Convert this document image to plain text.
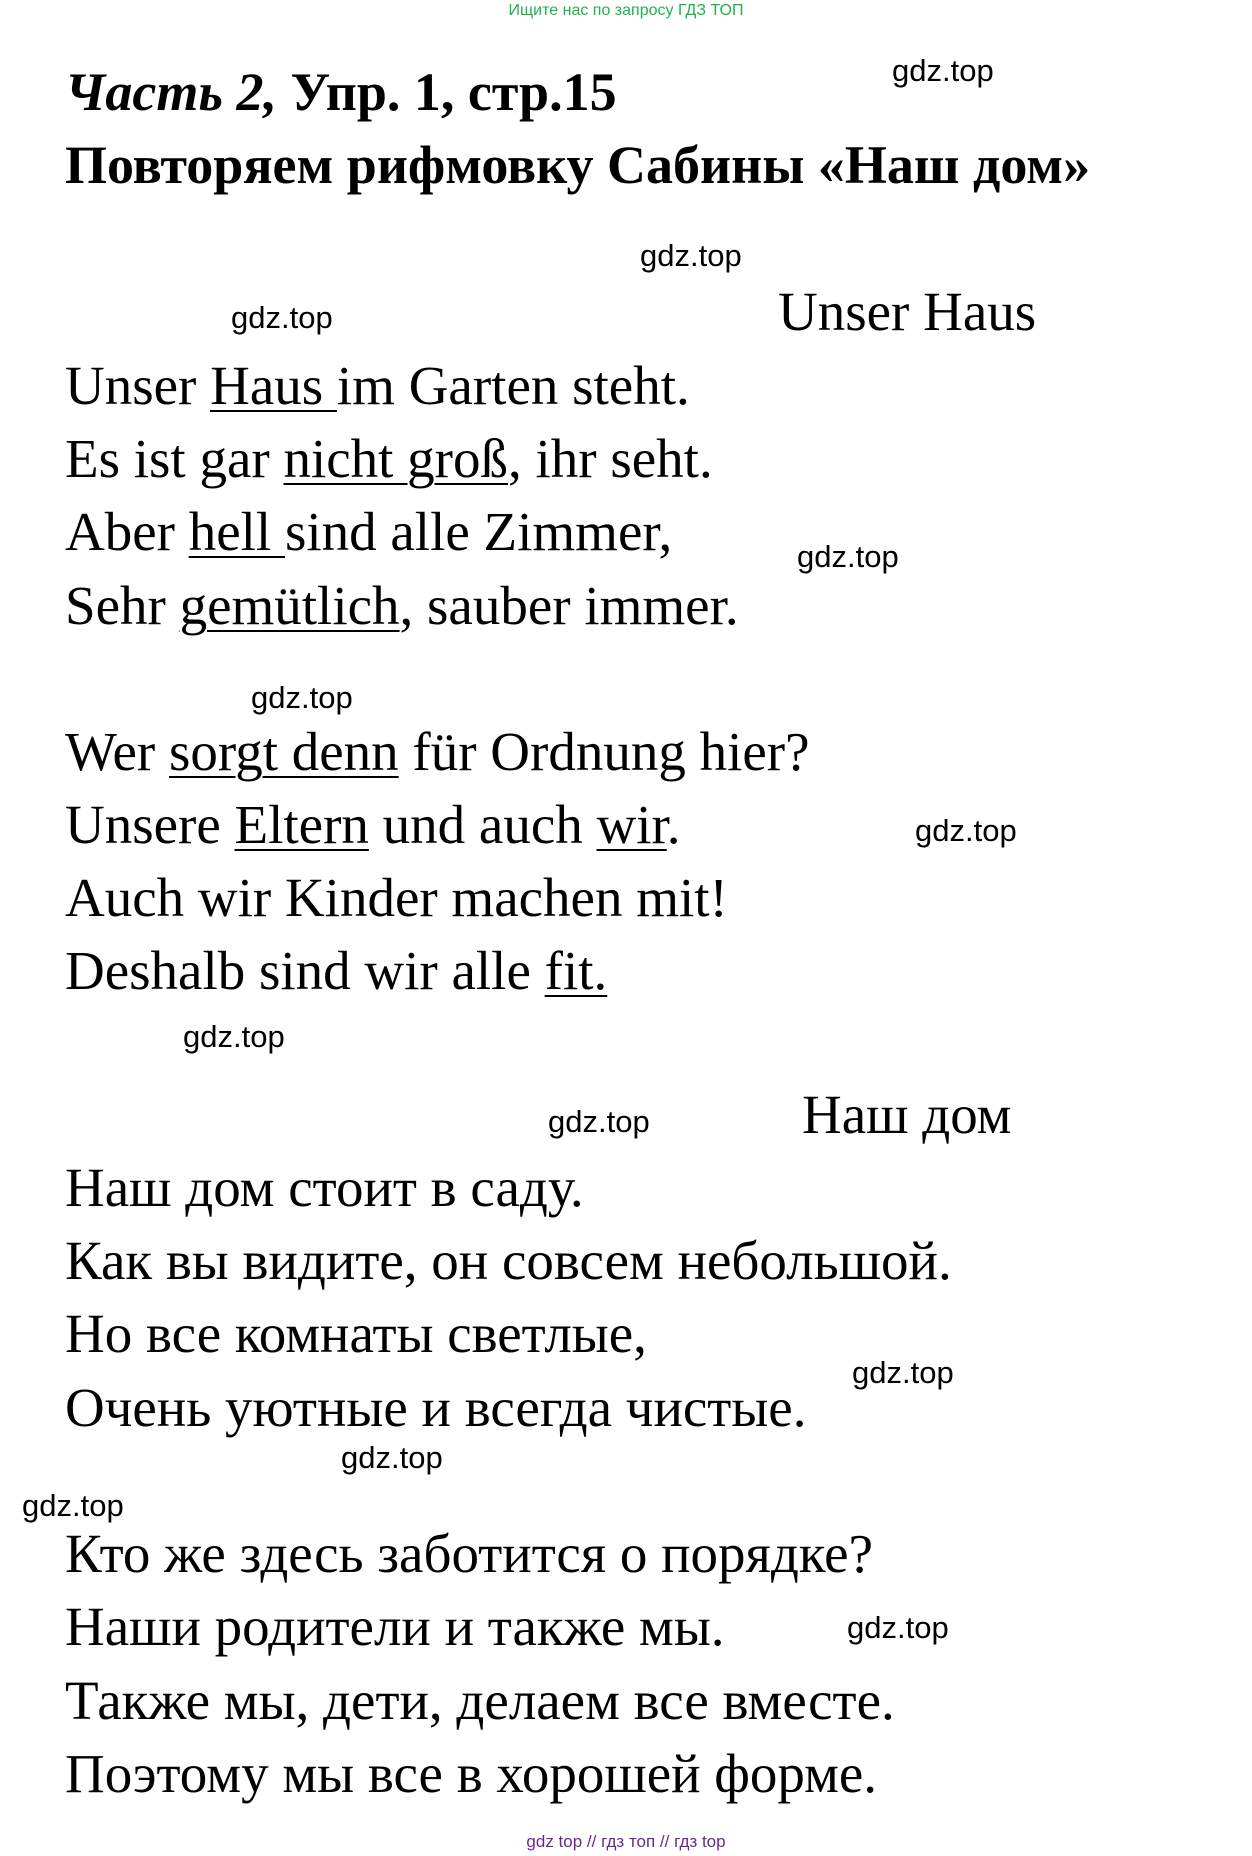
Ищите нас по запросу ГДЗ ТОП
Часть 2, Упр. 1, стр.15
Повторяем рифмовку Сабины «Наш дом»
gdz.top
gdz.top
gdz.top
gdz.top
gdz.top
gdz.top
gdz.top
gdz.top
gdz.top
gdz.top
gdz.top
gdz.top
Unser Haus
Unser Haus im Garten steht.
Es ist gar nicht groß, ihr seht.
Aber hell sind alle Zimmer,
Sehr gemütlich, sauber immer.
Wer sorgt denn für Ordnung hier?
Unsere Eltern und auch wir.
Auch wir Kinder machen mit!
Deshalb sind wir alle fit.
Наш дом
Наш дом стоит в саду.
Как вы видите, он совсем небольшой.
Но все комнаты светлые,
Очень уютные и всегда чистые.
Кто же здесь заботится о порядке?
Наши родители и также мы.
Также мы, дети, делаем все вместе.
Поэтому мы все в хорошей форме.
gdz top // гдз топ // гдз top
